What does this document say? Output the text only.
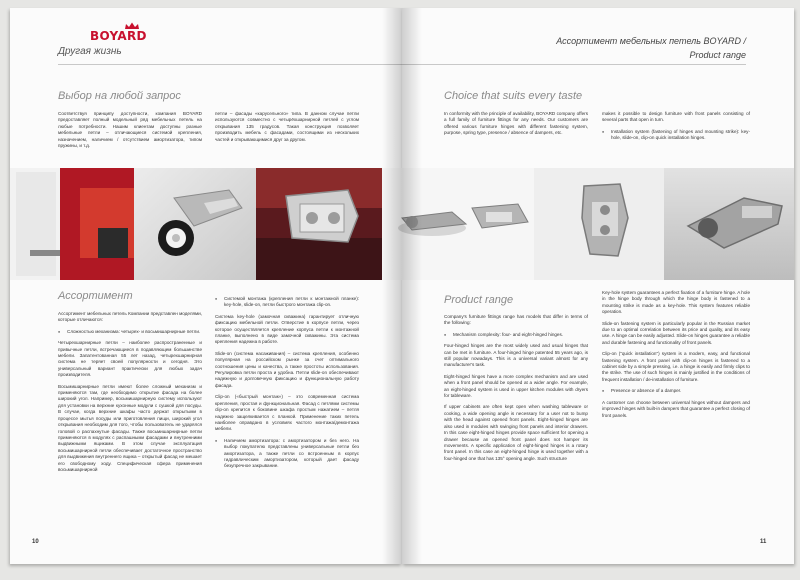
BOYARD
Другая жизнь
Выбор на любой запрос

Соответствуя принципу доступности, компания BOYARD предоставляет полный модельный ряд мебельных петель на любые потребности. Нашим клиентам доступны разные мебельные петли – отличающиеся системой крепления, назначением, наличием / отсутствием амортизатора, типом пружины, и т.д.

петли – фасады «карусельного» типа. В данном случае петли используются совместно с четырёхшарнирной петлей с углом открывания 135 градусов. Такая конструкция позволяет производить мебель с фасадами, состоящими из нескольких частей и открывающимися друг за другом.

Ассортимент

Ассортимент мебельных петель Компании представлен моделями, которые отличаются:

■ Сложностью механизма: четырех- и восьмишарнирные петли.

Четырехшарнирные петли – наиболее распространенные и привычные петли, встречающиеся в подавляющем большинстве мебели. Запатентованная 55 лет назад, четырехшарнирная система не теряет своей популярности и сегодня. Это универсальный вариант практически для любых задач производителя.

Восьмишарнирные петли имеют более сложный механизм и применяются там, где необходимо открытие фасада на более широкий угол. Например, восьмишарнирную систему используют для установки на верхние кухонные модули с сушкой для посуды. В случае, когда верхние шкафы часто держат открытыми в процессе мытья посуды или приготовления пищи, широкий угол открывания необходим для того, чтобы пользователь не ударялся головой о распахнутые фасады. Также восьмишарнирные петли применяются в модулях с распашными фасадами и внутренними выдвижными ящиками. В этом случае эксплуатация восьмишарнирной петли обеспечивает достаточное пространство для выдвижения внутреннего ящика – открытый фасад не мешает его свободному ходу. Специфическая сфера применения восьмишарнирной

■ Системой монтажа (крепления петли к монтажной планке): key-hole, slide-on, петли быстрого монтажа clip-on.

Система key-hole (замочная скважина) гарантирует отличную фиксацию мебельной петли. Отверстие в корпусе петли, через которое осуществляется крепление корпуса петли к монтажной планке, выполнено в виде замочной скважины. Эта система крепления надежна в работе.

Slide-on (система насаживания) – система крепления, особенно популярная на российском рынке за счет оптимального соотношения цены и качества, а также простоты использования. Регулировка петли проста и удобна. Петли slide-on обеспечивают надежную и долговечную фиксацию и функциональную работу фасада.

Clip-on («быстрый монтаж») – это современная система крепления, простая и функциональная. Фасад с петлями системы clip-on крепится к боковине шкафа простым нажатием – петля надежно защелкивается с планкой. Применение таких петель наиболее оправдано в условиях частого монтажа/демонтажа мебели.

■ Наличием амортизатора: с амортизатором и без него. На выбор покупателю представлены универсальные петли без амортизатора, а также петли со встроенным в корпус гидравлическим амортизатором, который дает фасаду безупречное закрывание.

10
Ассортимент мебельных петель BOYARD /
Product range
Choice that suits every taste

In conformity with the principle of availability, BOYARD company offers a full family of furniture fittings for any needs. Our customers are offered various furniture hinges with different fastening system, purpose, spring type, presence / absence of dampers, etc.

makes it possible to design furniture with front panels consisting of several parts that open in turn.

■ Installation system (fastening of hinges and mounting strike): key-hole, slide-on, clip-on quick installation hinges.

Product range

Company's furniture fittings range has models that differ in terms of the following:

■ Mechanism complexity: four- and eight-hinged hinges.

Four-hinged hinges are the most widely used and usual hinges that can be met in furniture. A four-hinged hinge patented 55 years ago, is still popular nowadays. This is a universal variant almost for any manufacturer's task.

Eight-hinged hinges have a more complex mechanism and are used when a front panel should be opened at a wider angle. For example, an eight-hinged system is used in upper kitchen modules with dryers for tableware.

If upper cabinets are often kept open when washing tableware or cooking, a wide opening angle is necessary for a user not to bump with the head against opened front panels. Eight-hinged hinges are also used in modules with swinging front panels and interior drawers. In this case eight-hinged hinges provide space sufficient for opening a drawer because an opened front panel does not hamper its movements. A specific application of eight-hinged hinges is a rotary front panel. In this case an eight-hinged hinge is used together with a four-hinged one that has 135° opening angle. Such structure

Key-hole system guarantees a perfect fixation of a furniture hinge. A hole in the hinge body through which the hinge body is fastened to a mounting strike is made as a key-hole. This system features reliable operation.

Slide-on fastening system is particularly popular in the Russian market due to an optimal correlation between its price and quality, and its easy use. A hinge can be easily adjusted. Slide-on hinges guarantee a reliable and durable fastening and functionality of front panels.

Clip-on ("quick installation") system is a modern, easy, and functional fastening system. A front panel with clip-on hinges is fastened to a cabinet side by a simple pressing, i.e. a hinge is easily and firmly clips to the strike. The use of such hinges is mainly justified in the conditions of frequent installation / de-installation of furniture.

■ Presence or absence of a damper.

A customer can choose between universal hinges without dampers and improved hinges with built-in dampers that guarantee a perfect closing of front panels.

11
